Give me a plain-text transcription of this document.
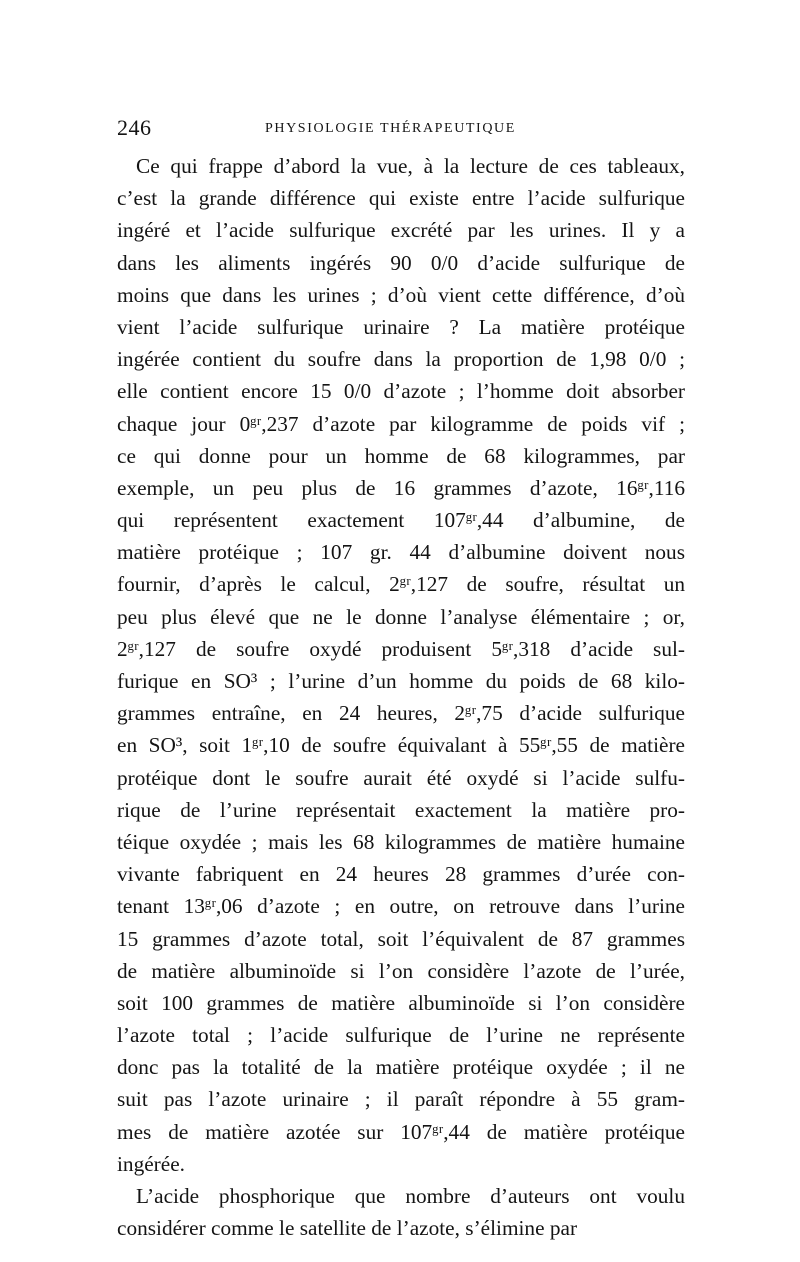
246	PHYSIOLOGIE THÉRAPEUTIQUE
Ce qui frappe d’abord la vue, à la lecture de ces tableaux,
c’est la grande différence qui existe entre l’acide sulfurique
ingéré et l’acide sulfurique excrété par les urines. Il y a
dans les aliments ingérés 90 0/0 d’acide sulfurique de
moins que dans les urines ; d’où vient cette différence, d’où
vient l’acide sulfurique urinaire ? La matière protéique
ingérée contient du soufre dans la proportion de 1,98 0/0 ;
elle contient encore 15 0/0 d’azote ; l’homme doit absorber
chaque jour 0ᵍʳ,237 d’azote par kilogramme de poids vif ;
ce qui donne pour un homme de 68 kilogrammes, par
exemple, un peu plus de 16 grammes d’azote, 16ᵍʳ,116
qui représentent exactement 107ᵍʳ,44 d’albumine, de
matière protéique ; 107 gr. 44 d’albumine doivent nous
fournir, d’après le calcul, 2ᵍʳ,127 de soufre, résultat un
peu plus élevé que ne le donne l’analyse élémentaire ; or,
2ᵍʳ,127 de soufre oxydé produisent 5ᵍʳ,318 d’acide sul-
furique en SO³ ; l’urine d’un homme du poids de 68 kilo-
grammes entraîne, en 24 heures, 2ᵍʳ,75 d’acide sulfurique
en SO³, soit 1ᵍʳ,10 de soufre équivalant à 55ᵍʳ,55 de matière
protéique dont le soufre aurait été oxydé si l’acide sulfu-
rique de l’urine représentait exactement la matière pro-
téique oxydée ; mais les 68 kilogrammes de matière humaine
vivante fabriquent en 24 heures 28 grammes d’urée con-
tenant 13ᵍʳ,06 d’azote ; en outre, on retrouve dans l’urine
15 grammes d’azote total, soit l’équivalent de 87 grammes
de matière albuminoïde si l’on considère l’azote de l’urée,
soit 100 grammes de matière albuminoïde si l’on considère
l’azote total ; l’acide sulfurique de l’urine ne représente
donc pas la totalité de la matière protéique oxydée ; il ne
suit pas l’azote urinaire ; il paraît répondre à 55 gram-
mes de matière azotée sur 107ᵍʳ,44 de matière protéique
ingérée.
L’acide phosphorique que nombre d’auteurs ont voulu
considérer comme le satellite de l’azote, s’élimine par
